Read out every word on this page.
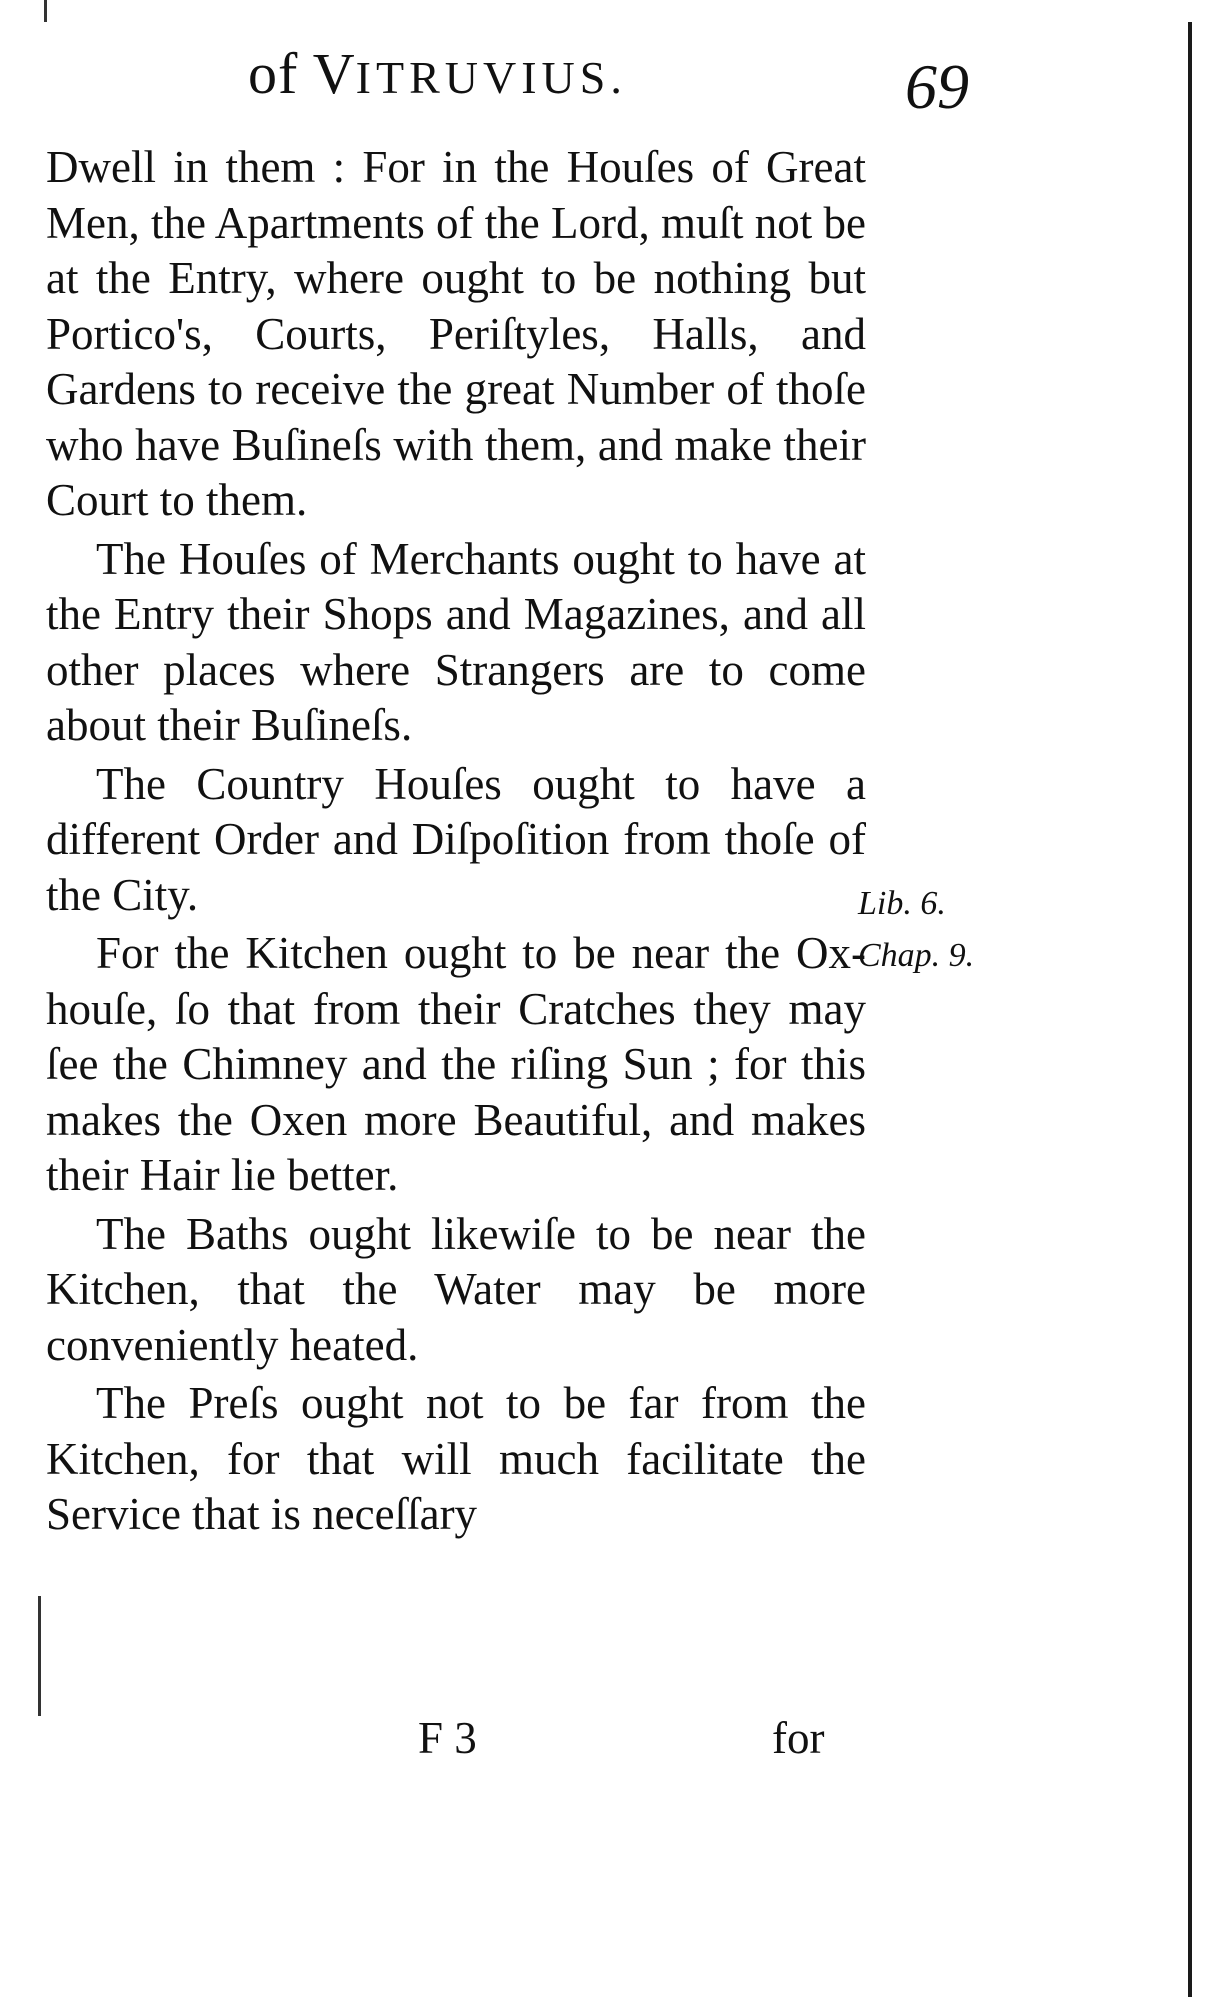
of VITRUVIUS.	69

Dwell in them : For in the Houſes of Great Men, the Apartments of the Lord, muſt not be at the Entry, where ought to be nothing but Portico's, Courts, Periſtyles, Halls, and Gardens to receive the great Number of thoſe who have Buſineſs with them, and make their Court to them.

The Houſes of Merchants ought to have at the Entry their Shops and Magazines, and all other places where Strangers are to come about their Buſineſs.

The Country Houſes ought to have a different Order and Diſpoſition from thoſe of the City.

For the Kitchen ought to be near the Ox-houſe, ſo that from their Cratches they may ſee the Chimney and the riſing Sun ; for this makes the Oxen more Beautiful, and makes their Hair lie better.

The Baths ought likewiſe to be near the Kitchen, that the Water may be more conveniently heated.

The Preſs ought not to be far from the Kitchen, for that will much facilitate the Service that is neceſſary

Lib. 6.
Chap. 9.
F 3	for
